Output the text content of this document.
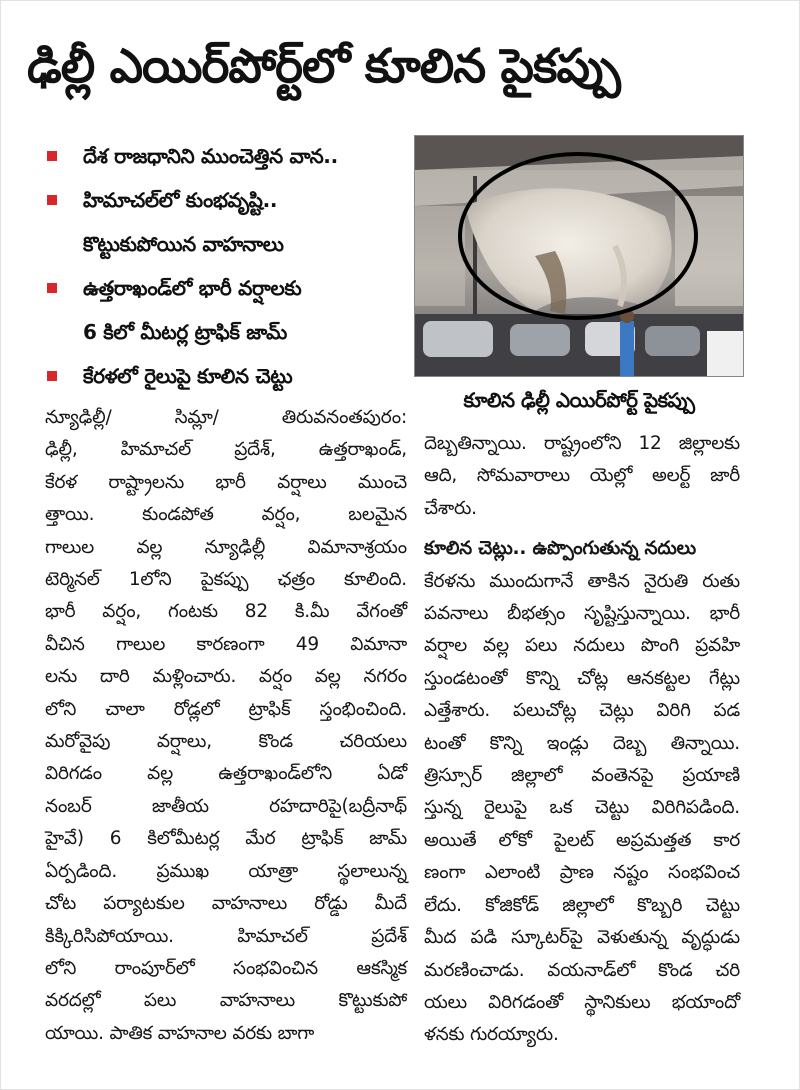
ఢిల్లీ ఎయిర్‌పోర్ట్‌లో కూలిన పైకప్పు
దేశ రాజధానిని ముంచెత్తిన వాన..
హిమాచల్‌లో కుంభవృష్టి..
కొట్టుకుపోయిన వాహనాలు
ఉత్తరాఖండ్‌లో భారీ వర్షాలకు
6 కిలో మీటర్ల ట్రాఫిక్ జామ్
కేరళలో రైలుపై కూలిన చెట్టు
కూలిన ఢిల్లీ ఎయిర్‌పోర్ట్ పైకప్పు
న్యూఢిల్లీ/ సిమ్లా/ తిరువనంతపురం:
ఢిల్లీ, హిమాచల్ ప్రదేశ్, ఉత్తరాఖండ్,
కేరళ రాష్ట్రాలను భారీ వర్షాలు ముంచె
త్తాయి. కుండపోత వర్షం, బలమైన
గాలుల వల్ల న్యూఢిల్లీ విమానాశ్రయం
టెర్మినల్ 1లోని పైకప్పు ఛత్రం కూలింది.
భారీ వర్షం, గంటకు 82 కి.మీ వేగంతో
వీచిన గాలుల కారణంగా 49 విమానా
లను దారి మళ్లించారు. వర్షం వల్ల నగరం
లోని చాలా రోడ్లలో ట్రాఫిక్ స్తంభించింది.
మరోవైపు వర్షాలు, కొండ చరియలు
విరిగడం వల్ల ఉత్తరాఖండ్‌లోని ఏడో
నంబర్ జాతీయ రహదారిపై(బద్రీనాథ్
హైవే) 6 కిలోమీటర్ల మేర ట్రాఫిక్ జామ్
ఏర్పడింది. ప్రముఖ యాత్రా స్థలాలున్న
చోట పర్యాటకుల వాహనాలు రోడ్డు మీదే
కిక్కిరిసిపోయాయి. హిమాచల్ ప్రదేశ్
లోని రాంపూర్‌లో సంభవించిన ఆకస్మిక
వరదల్లో పలు వాహనాలు కొట్టుకుపో
యాయి. పాతిక వాహనాల వరకు బాగా
దెబ్బతిన్నాయి. రాష్ట్రంలోని 12 జిల్లాలకు
ఆది, సోమవారాలు యెల్లో అలర్ట్ జారీ
చేశారు.
కూలిన చెట్లు.. ఉప్పొంగుతున్న నదులు
కేరళను ముందుగానే తాకిన నైరుతి రుతు
పవనాలు బీభత్సం సృష్టిస్తున్నాయి. భారీ
వర్షాల వల్ల పలు నదులు పొంగి ప్రవహి
స్తుండటంతో కొన్ని చోట్ల ఆనకట్టల గేట్లు
ఎత్తేశారు. పలుచోట్ల చెట్లు విరిగి పడ
టంతో కొన్ని ఇండ్లు దెబ్బ తిన్నాయి.
త్రిస్సూర్ జిల్లాలో వంతెనపై ప్రయాణి
స్తున్న రైలుపై ఒక చెట్టు విరిగిపడింది.
అయితే లోకో పైలట్ అప్రమత్తత కార
ణంగా ఎలాంటి ప్రాణ నష్టం సంభవించ
లేదు. కోజికోడ్ జిల్లాలో కొబ్బరి చెట్టు
మీద పడి స్కూటర్‌పై వెళుతున్న వృద్ధుడు
మరణించాడు. వయనాడ్‌లో కొండ చరి
యలు విరిగడంతో స్థానికులు భయాందో
ళనకు గురయ్యారు.
